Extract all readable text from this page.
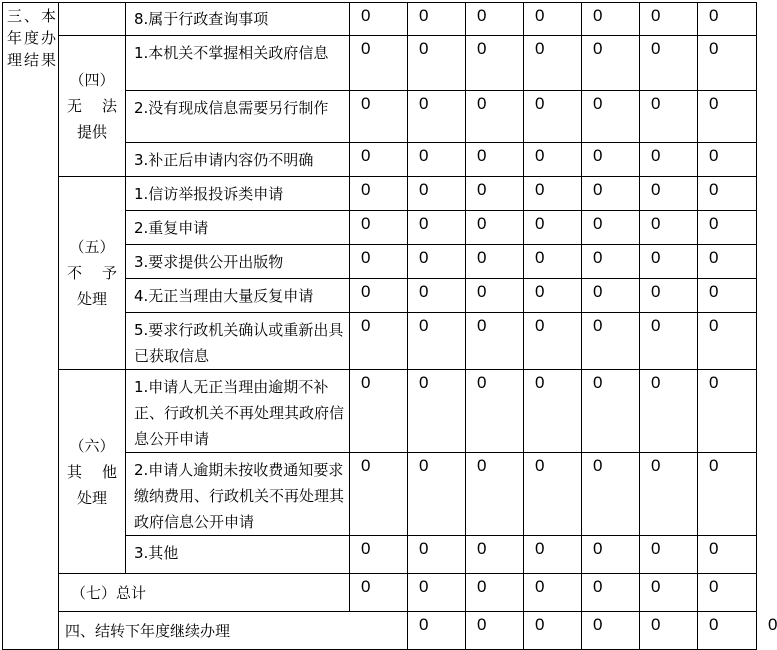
三、本年度办理结果		8.属于行政查询事项	0	0	0	0	0	0	0	

	（四）
无法
提供	1.本机关不掌握相关政府信息	0	0	0	0	0	0	0	
		2.没有现成信息需要另行制作	0	0	0	0	0	0	0	
		3.补正后申请内容仍不明确	0	0	0	0	0	0	0	

	（五）
不予
处理	1.信访举报投诉类申请	0	0	0	0	0	0	0	
		2.重复申请	0	0	0	0	0	0	0	
		3.要求提供公开出版物	0	0	0	0	0	0	0	
		4.无正当理由大量反复申请	0	0	0	0	0	0	0	
		5.要求行政机关确认或重新出具已获取信息	0	0	0	0	0	0	0	

	（六）
其他
处理	1.申请人无正当理由逾期不补正、行政机关不再处理其政府信息公开申请	0	0	0	0	0	0	0	
		2.申请人逾期未按收费通知要求缴纳费用、行政机关不再处理其政府信息公开申请	0	0	0	0	0	0	0	
		3.其他	0	0	0	0	0	0	0	
	（七）总计		0	0	0	0	0	0	0	
	四、结转下年度继续办理			0	0	0	0	0	0	0
